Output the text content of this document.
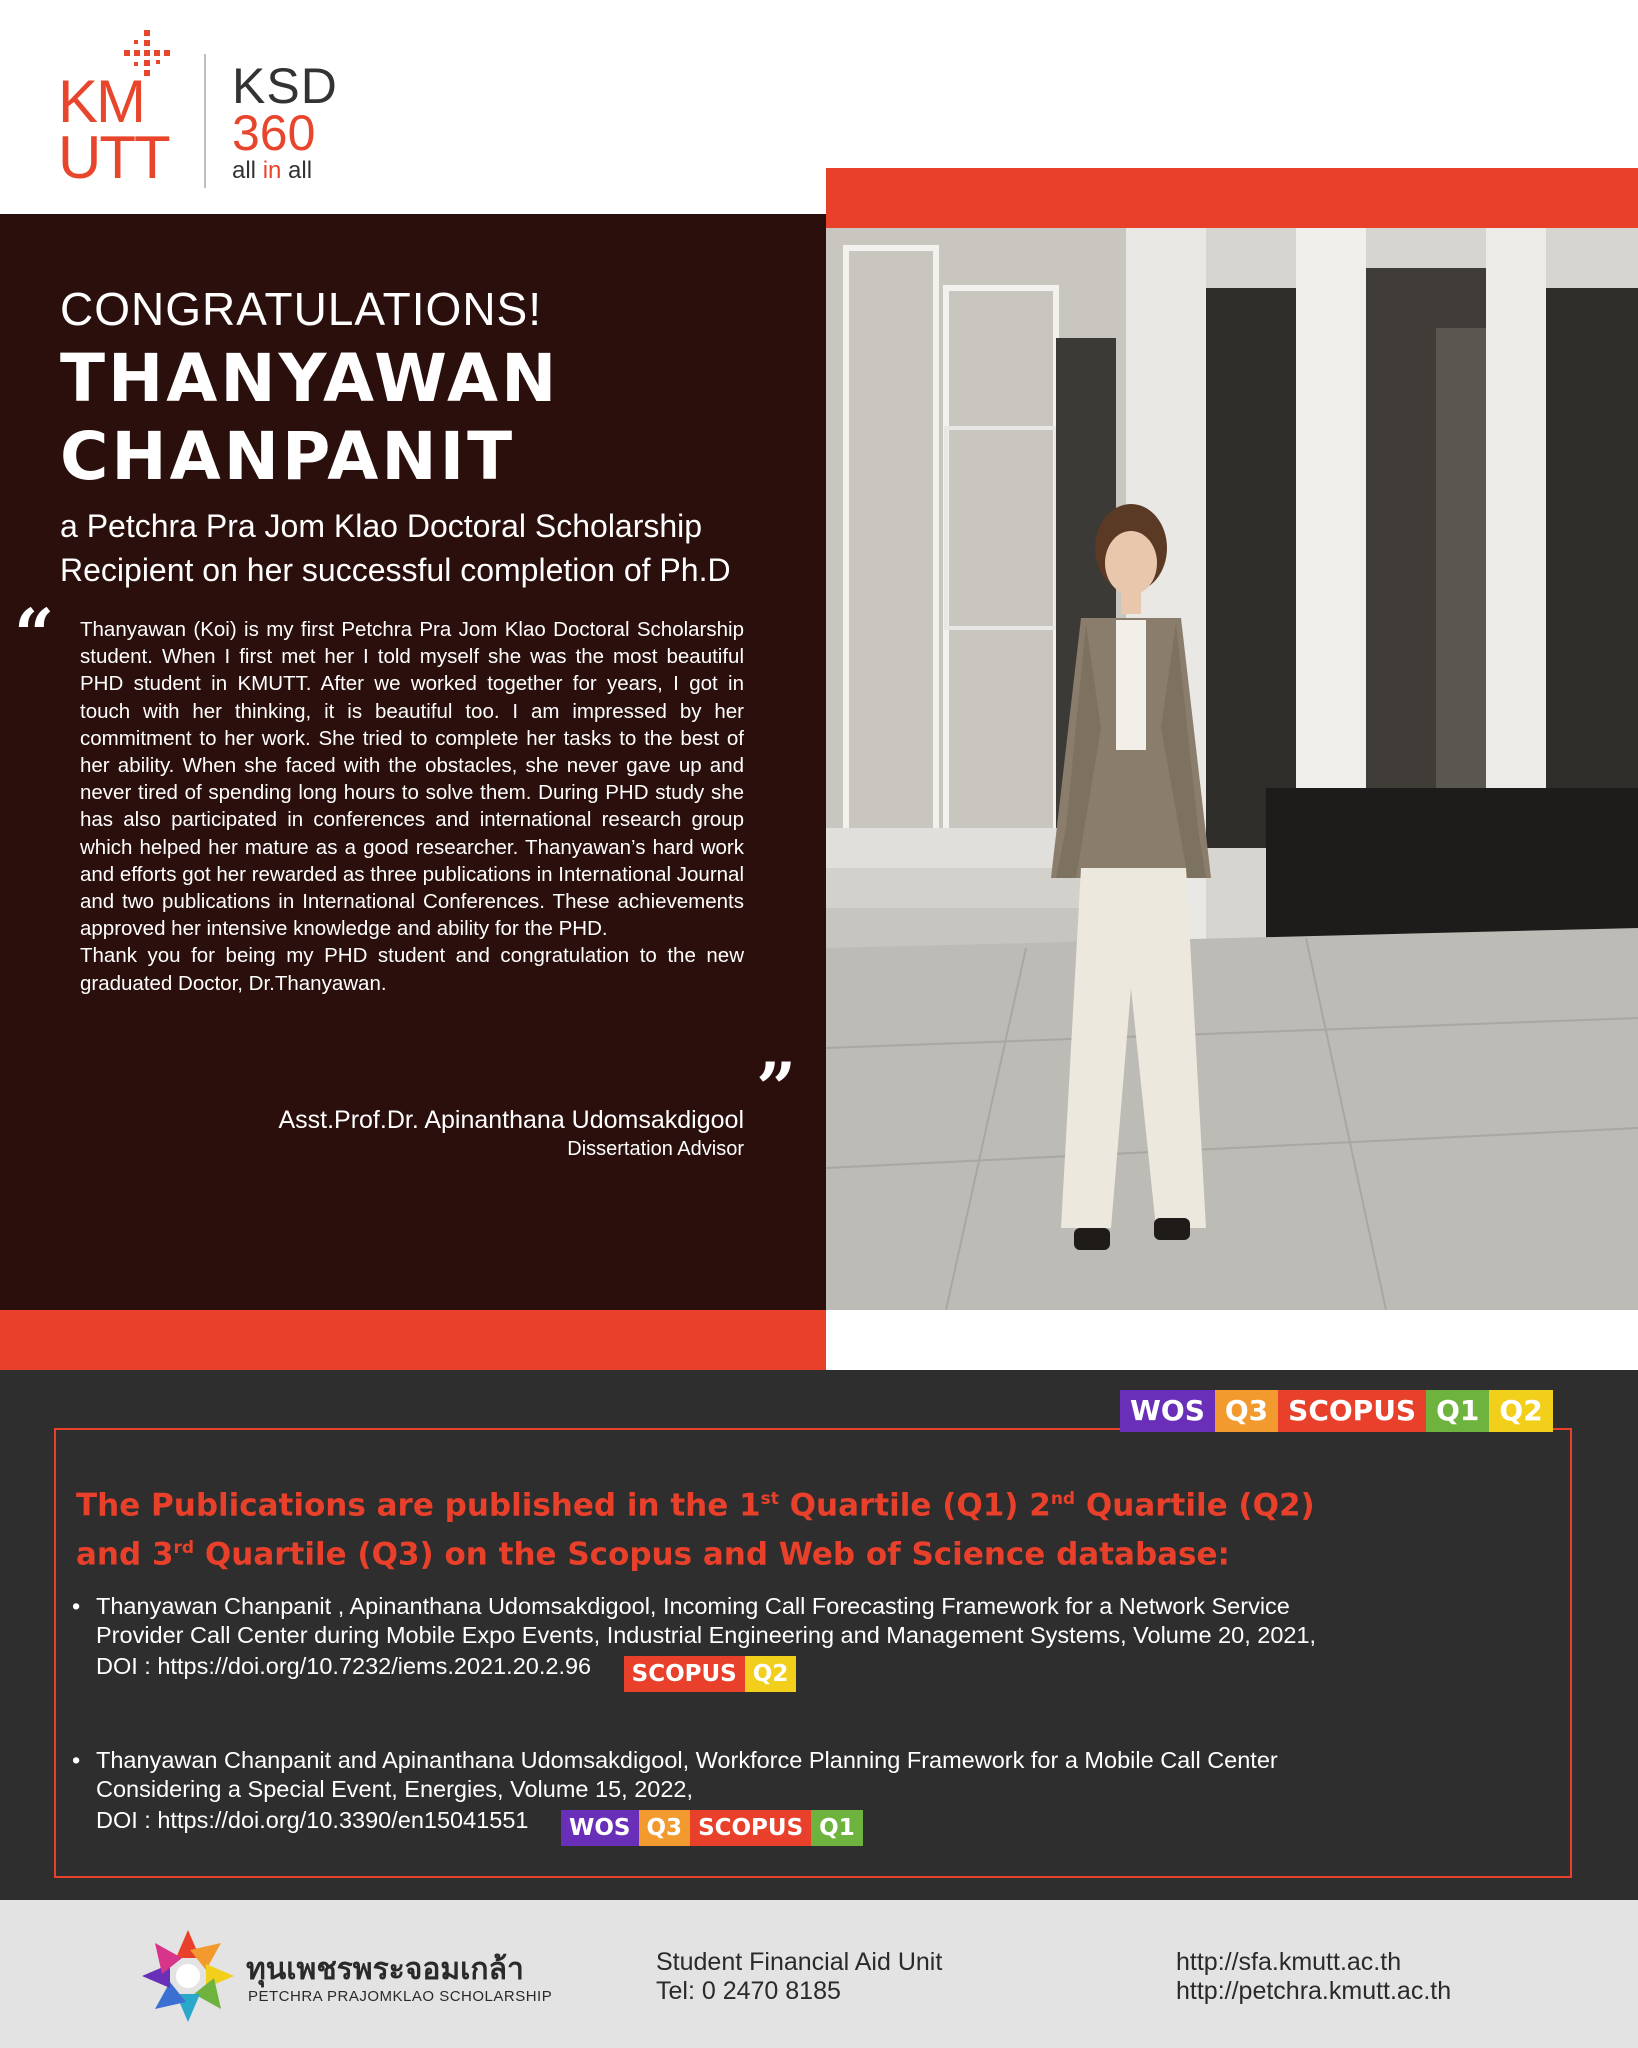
KM
UTT
KSD
360
all in all
CONGRATULATIONS!
THANYAWAN
CHANPANIT
a Petchra Pra Jom Klao Doctoral Scholarship
Recipient on her successful completion of Ph.D
“ Thanyawan (Koi) is my first Petchra Pra Jom Klao Doctoral Scholarship student. When I first met her I told myself she was the most beautiful PHD student in KMUTT. After we worked together for years, I got in touch with her thinking, it is beautiful too. I am impressed by her commitment to her work. She tried to complete her tasks to the best of her ability. When she faced with the obstacles, she never gave up and never tired of spending long hours to solve them. During PHD study she has also participated in conferences and international research group which helped her mature as a good researcher. Thanyawan’s hard work and efforts got her rewarded as three publications in International Journal and two publications in International Conferences. These achievements approved her intensive knowledge and ability for the PHD.

Thank you for being my PHD student and congratulation to the new graduated Doctor, Dr.Thanyawan.

”
Asst.Prof.Dr. Apinanthana Udomsakdigool
Dissertation Advisor
WOS Q3 SCOPUS Q1 Q2
The Publications are published in the 1st Quartile (Q1) 2nd Quartile (Q2)
and 3rd Quartile (Q3) on the Scopus and Web of Science database:
• Thanyawan Chanpanit , Apinanthana Udomsakdigool, Incoming Call Forecasting Framework for a Network Service
Provider Call Center during Mobile Expo Events, Industrial Engineering and Management Systems, Volume 20, 2021,
DOI : https://doi.org/10.7232/iems.2021.20.2.96 SCOPUS Q2
• Thanyawan Chanpanit and Apinanthana Udomsakdigool, Workforce Planning Framework for a Mobile Call Center
Considering a Special Event, Energies, Volume 15, 2022,
DOI : https://doi.org/10.3390/en15041551 WOS Q3 SCOPUS Q1
ทุนเพชรพระจอมเกล้า
PETCHRA PRAJOMKLAO SCHOLARSHIP
Student Financial Aid Unit
Tel: 0 2470 8185
http://sfa.kmutt.ac.th
http://petchra.kmutt.ac.th
